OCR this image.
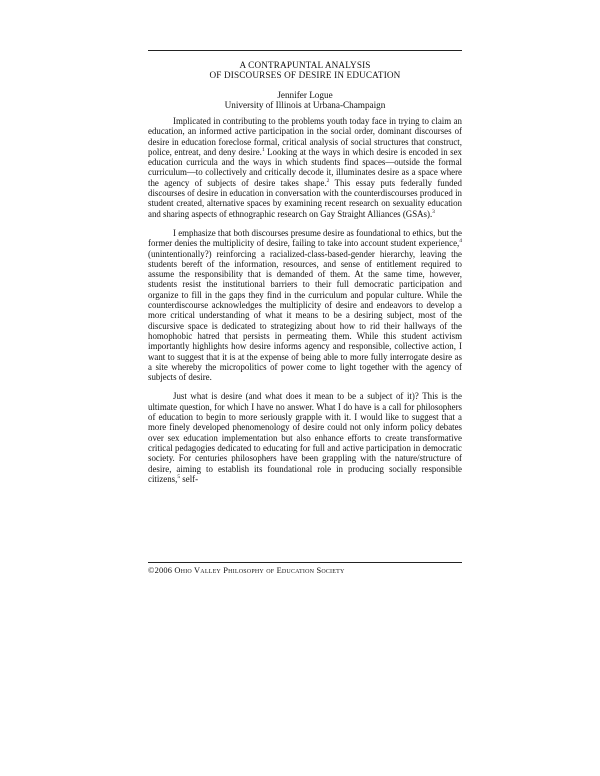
A CONTRAPUNTAL ANALYSIS
OF DISCOURSES OF DESIRE IN EDUCATION
Jennifer Logue
University of Illinois at Urbana-Champaign

Implicated in contributing to the problems youth today face in trying to claim an education, an informed active participation in the social order, dominant discourses of desire in education foreclose formal, critical analysis of social structures that construct, police, entreat, and deny desire.$^1$ Looking at the ways in which desire is encoded in sex education curricula and the ways in which students find spaces—outside the formal curriculum—to collectively and critically decode it, illuminates desire as a space where the agency of subjects of desire takes shape.$^2$ This essay puts federally funded discourses of desire in education in conversation with the counterdiscourses produced in student created, alternative spaces by examining recent research on sexuality education and sharing aspects of ethnographic research on Gay Straight Alliances (GSAs).$^3$

I emphasize that both discourses presume desire as foundational to ethics, but the former denies the multiplicity of desire, failing to take into account student experience,$^4$ (unintentionally?) reinforcing a racialized-class-based-gender hierarchy, leaving the students bereft of the information, resources, and sense of entitlement required to assume the responsibility that is demanded of them. At the same time, however, students resist the institutional barriers to their full democratic participation and organize to fill in the gaps they find in the curriculum and popular culture. While the counterdiscourse acknowledges the multiplicity of desire and endeavors to develop a more critical understanding of what it means to be a desiring subject, most of the discursive space is dedicated to strategizing about how to rid their hallways of the homophobic hatred that persists in permeating them. While this student activism importantly highlights how desire informs agency and responsible, collective action, I want to suggest that it is at the expense of being able to more fully interrogate desire as a site whereby the micropolitics of power come to light together with the agency of subjects of desire.

Just what is desire (and what does it mean to be a subject of it)? This is the ultimate question, for which I have no answer. What I do have is a call for philosophers of education to begin to more seriously grapple with it. I would like to suggest that a more finely developed phenomenology of desire could not only inform policy debates over sex education implementation but also enhance efforts to create transformative critical pedagogies dedicated to educating for full and active participation in democratic society. For centuries philosophers have been grappling with the nature/structure of desire, aiming to establish its foundational role in producing socially responsible citizens,$^5$ self-

©2006 Ohio Valley Philosophy of Education Society
